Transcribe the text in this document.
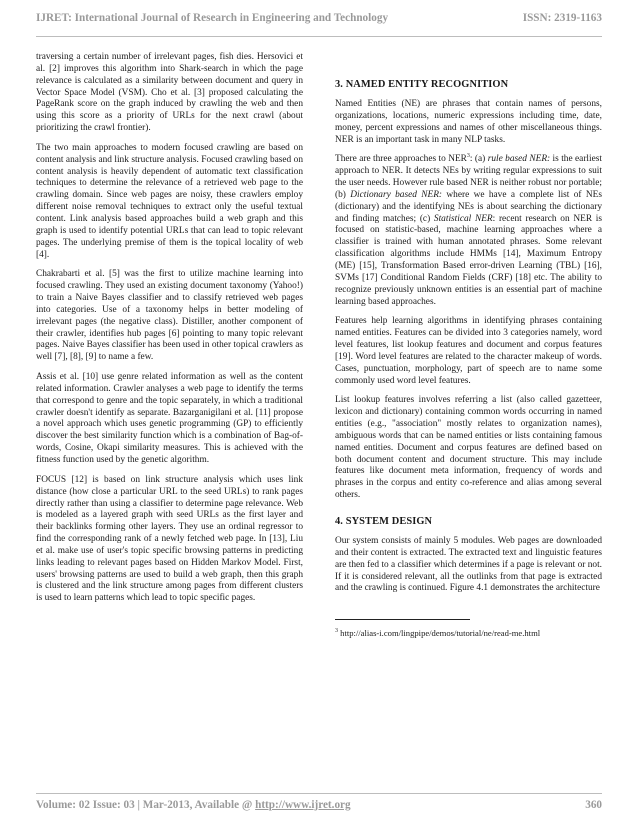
IJRET: International Journal of Research in Engineering and Technology	ISSN: 2319-1163

traversing a certain number of irrelevant pages, fish dies. Hersovici et al. [2] improves this algorithm into Shark-search in which the page relevance is calculated as a similarity between document and query in Vector Space Model (VSM). Cho et al. [3] proposed calculating the PageRank score on the graph induced by crawling the web and then using this score as a priority of URLs for the next crawl (about prioritizing the crawl frontier).

The two main approaches to modern focused crawling are based on content analysis and link structure analysis. Focused crawling based on content analysis is heavily dependent of automatic text classification techniques to determine the relevance of a retrieved web page to the crawling domain. Since web pages are noisy, these crawlers employ different noise removal techniques to extract only the useful textual content. Link analysis based approaches build a web graph and this graph is used to identify potential URLs that can lead to topic relevant pages. The underlying premise of them is the topical locality of web [4].

Chakrabarti et al. [5] was the first to utilize machine learning into focused crawling. They used an existing document taxonomy (Yahoo!) to train a Naive Bayes classifier and to classify retrieved web pages into categories. Use of a taxonomy helps in better modeling of irrelevant pages (the negative class). Distiller, another component of their crawler, identifies hub pages [6] pointing to many topic relevant pages. Naive Bayes classifier has been used in other topical crawlers as well [7], [8], [9] to name a few.

Assis et al. [10] use genre related information as well as the content related information. Crawler analyses a web page to identify the terms that correspond to genre and the topic separately, in which a traditional crawler doesn't identify as separate. Bazarganigilani et al. [11] propose a novel approach which uses genetic programming (GP) to efficiently discover the best similarity function which is a combination of Bag-of-words, Cosine, Okapi similarity measures. This is achieved with the fitness function used by the genetic algorithm.

FOCUS [12] is based on link structure analysis which uses link distance (how close a particular URL to the seed URLs) to rank pages directly rather than using a classifier to determine page relevance. Web is modeled as a layered graph with seed URLs as the first layer and their backlinks forming other layers. They use an ordinal regressor to find the corresponding rank of a newly fetched web page. In [13], Liu et al. make use of user's topic specific browsing patterns in predicting links leading to relevant pages based on Hidden Markov Model. First, users' browsing patterns are used to build a web graph, then this graph is clustered and the link structure among pages from different clusters is used to learn patterns which lead to topic specific pages.

3. NAMED ENTITY RECOGNITION

Named Entities (NE) are phrases that contain names of persons, organizations, locations, numeric expressions including time, date, money, percent expressions and names of other miscellaneous things. NER is an important task in many NLP tasks.

There are three approaches to NER$^3$: (a) rule based NER: is the earliest approach to NER. It detects NEs by writing regular expressions to suit the user needs. However rule based NER is neither robust nor portable; (b) Dictionary based NER: where we have a complete list of NEs (dictionary) and the identifying NEs is about searching the dictionary and finding matches; (c) Statistical NER: recent research on NER is focused on statistic-based, machine learning approaches where a classifier is trained with human annotated phrases. Some relevant classification algorithms include HMMs [14], Maximum Entropy (ME) [15], Transformation Based error-driven Learning (TBL) [16], SVMs [17] Conditional Random Fields (CRF) [18] etc. The ability to recognize previously unknown entities is an essential part of machine learning based approaches.

Features help learning algorithms in identifying phrases containing named entities. Features can be divided into 3 categories namely, word level features, list lookup features and document and corpus features [19]. Word level features are related to the character makeup of words. Cases, punctuation, morphology, part of speech are to name some commonly used word level features.

List lookup features involves referring a list (also called gazetteer, lexicon and dictionary) containing common words occurring in named entities (e.g., "association" mostly relates to organization names), ambiguous words that can be named entities or lists containing famous named entities. Document and corpus features are defined based on both document content and document structure. This may include features like document meta information, frequency of words and phrases in the corpus and entity co-reference and alias among several others.

4. SYSTEM DESIGN

Our system consists of mainly 5 modules. Web pages are downloaded and their content is extracted. The extracted text and linguistic features are then fed to a classifier which determines if a page is relevant or not. If it is considered relevant, all the outlinks from that page is extracted and the crawling is continued. Figure 4.1 demonstrates the architecture

$^3$ http://alias-i.com/lingpipe/demos/tutorial/ne/read-me.html
Volume: 02 Issue: 03 | Mar-2013, Available @ http://www.ijret.org	360
